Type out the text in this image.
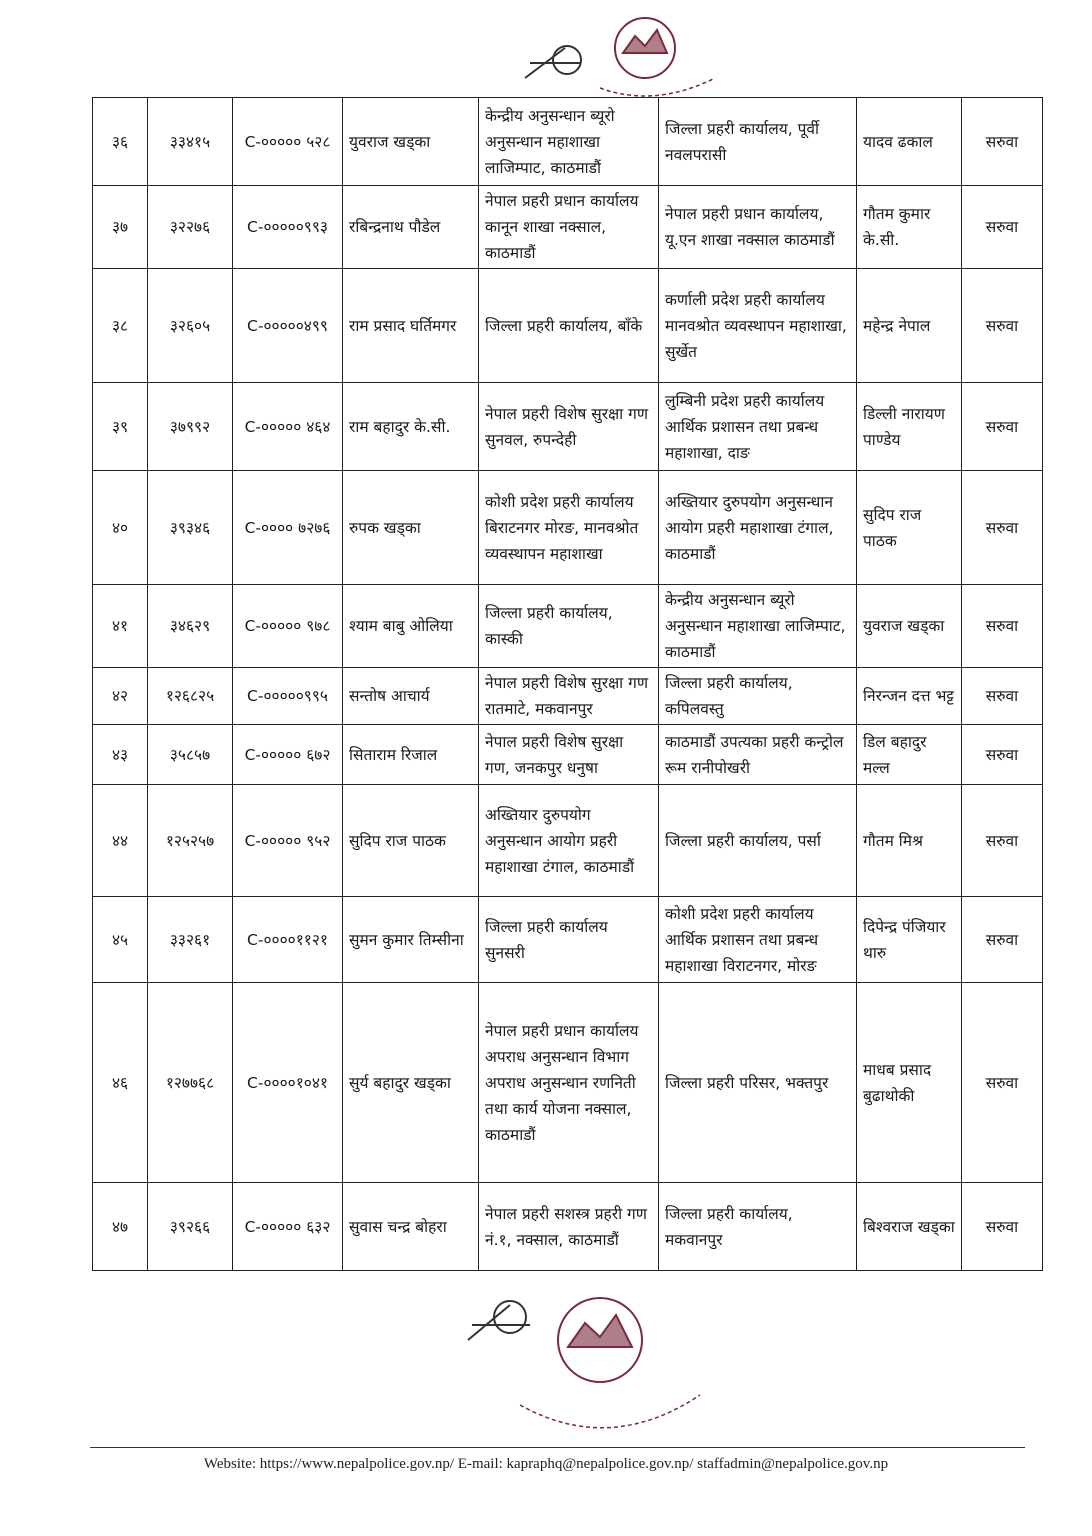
३६	३३४१५	C-००००० ५२८	युवराज खड्का	केन्द्रीय अनुसन्धान ब्यूरो अनुसन्धान महाशाखा लाजिम्पाट, काठमाडौं	जिल्ला प्रहरी कार्यालय, पूर्वी नवलपरासी	यादव ढकाल	सरुवा
३७	३२२७६	C-०००००९९३	रबिन्द्रनाथ पौडेल	नेपाल प्रहरी प्रधान कार्यालय कानून शाखा नक्साल, काठमाडौं	नेपाल प्रहरी प्रधान कार्यालय, यू.एन शाखा नक्साल काठमाडौं	गौतम कुमार के.सी.	सरुवा
३८	३२६०५	C-०००००४९९	राम प्रसाद घर्तिमगर	जिल्ला प्रहरी कार्यालय, बाँके	कर्णाली प्रदेश प्रहरी कार्यालय मानवश्रोत व्यवस्थापन महाशाखा, सुर्खेत	महेन्द्र नेपाल	सरुवा
३९	३७९९२	C-००००० ४६४	राम बहादुर के.सी.	नेपाल प्रहरी विशेष सुरक्षा गण सुनवल, रुपन्देही	लुम्बिनी प्रदेश प्रहरी कार्यालय आर्थिक प्रशासन तथा प्रबन्ध महाशाखा, दाङ	डिल्ली नारायण पाण्डेय	सरुवा
४०	३९३४६	C-०००० ७२७६	रुपक खड्का	कोशी प्रदेश प्रहरी कार्यालय बिराटनगर मोरङ, मानवश्रोत व्यवस्थापन महाशाखा	अख्तियार दुरुपयोग अनुसन्धान आयोग प्रहरी महाशाखा टंगाल, काठमाडौं	सुदिप राज पाठक	सरुवा
४१	३४६२९	C-००००० ९७८	श्याम बाबु ओलिया	जिल्ला प्रहरी कार्यालय, कास्की	केन्द्रीय अनुसन्धान ब्यूरो अनुसन्धान महाशाखा लाजिम्पाट, काठमाडौं	युवराज खड्का	सरुवा
४२	१२६८२५	C-०००००९९५	सन्तोष आचार्य	नेपाल प्रहरी विशेष सुरक्षा गण रातमाटे, मकवानपुर	जिल्ला प्रहरी कार्यालय, कपिलवस्तु	निरन्जन दत्त भट्ट	सरुवा
४३	३५८५७	C-००००० ६७२	सिताराम रिजाल	नेपाल प्रहरी विशेष सुरक्षा गण, जनकपुर धनुषा	काठमाडौं उपत्यका प्रहरी कन्ट्रोल रूम रानीपोखरी	डिल बहादुर मल्ल	सरुवा
४४	१२५२५७	C-००००० ९५२	सुदिप राज पाठक	अख्तियार दुरुपयोग अनुसन्धान आयोग प्रहरी महाशाखा टंगाल, काठमाडौं	जिल्ला प्रहरी कार्यालय, पर्सा	गौतम मिश्र	सरुवा
४५	३३२६१	C-००००११२१	सुमन कुमार तिम्सीना	जिल्ला प्रहरी कार्यालय सुनसरी	कोशी प्रदेश प्रहरी कार्यालय आर्थिक प्रशासन तथा प्रबन्ध महाशाखा विराटनगर, मोरङ	दिपेन्द्र पंजियार थारु	सरुवा
४६	१२७७६८	C-००००१०४१	सुर्य बहादुर खड्का	नेपाल प्रहरी प्रधान कार्यालय अपराध अनुसन्धान विभाग अपराध अनुसन्धान रणनिती तथा कार्य योजना नक्साल, काठमाडौं	जिल्ला प्रहरी परिसर, भक्तपुर	माधब प्रसाद बुढाथोकी	सरुवा
४७	३९२६६	C-००००० ६३२	सुवास चन्द्र बोहरा	नेपाल प्रहरी सशस्त्र प्रहरी गण नं.१, नक्साल, काठमाडौं	जिल्ला प्रहरी कार्यालय, मकवानपुर	बिश्वराज खड्का	सरुवा
Website: https://www.nepalpolice.gov.np/ E-mail: kapraphq@nepalpolice.gov.np/ staffadmin@nepalpolice.gov.np
